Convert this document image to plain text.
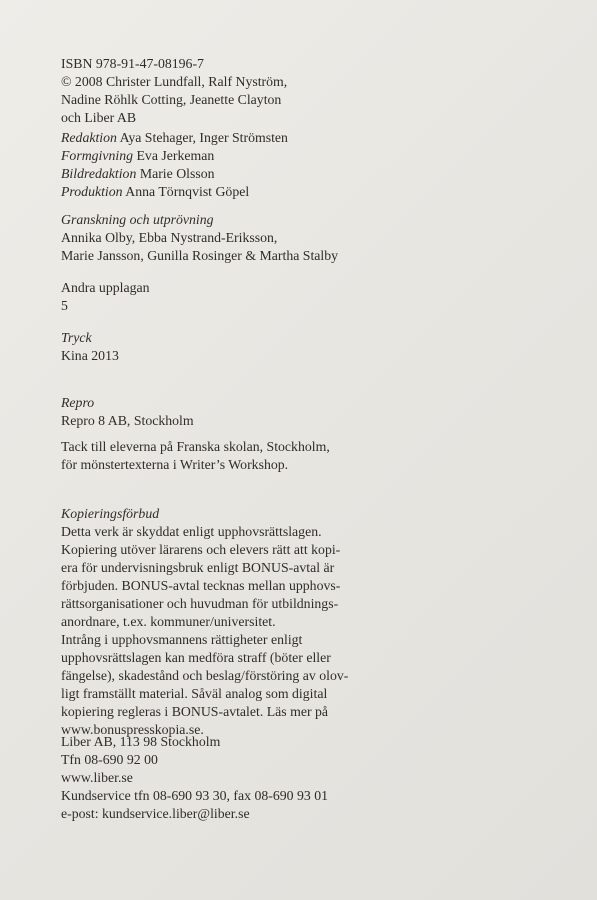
ISBN 978-91-47-08196-7
© 2008 Christer Lundfall, Ralf Nyström,
Nadine Röhlk Cotting, Jeanette Clayton
och Liber AB
Redaktion Aya Stehager, Inger Strömsten
Formgivning Eva Jerkeman
Bildredaktion Marie Olsson
Produktion Anna Törnqvist Göpel
Granskning och utprövning
Annika Olby, Ebba Nystrand-Eriksson,
Marie Jansson, Gunilla Rosinger & Martha Stalby
Andra upplagan
5
Tryck
Kina 2013
Repro
Repro 8 AB, Stockholm
Tack till eleverna på Franska skolan, Stockholm,
för mönstertexterna i Writer’s Workshop.
Kopieringsförbud
Detta verk är skyddat enligt upphovsrättslagen.
Kopiering utöver lärarens och elevers rätt att kopi-
era för undervisningsbruk enligt BONUS-avtal är
förbjuden. BONUS-avtal tecknas mellan upphovs-
rättsorganisationer och huvudman för utbildnings-
anordnare, t.ex. kommuner/universitet.
Intrång i upphovsmannens rättigheter enligt
upphovsrättslagen kan medföra straff (böter eller
fängelse), skadestånd och beslag/förstöring av olov-
ligt framställt material. Såväl analog som digital
kopiering regleras i BONUS-avtalet. Läs mer på
www.bonuspresskopia.se.
Liber AB, 113 98 Stockholm
Tfn 08-690 92 00
www.liber.se
Kundservice tfn 08-690 93 30, fax 08-690 93 01
e-post: kundservice.liber@liber.se
